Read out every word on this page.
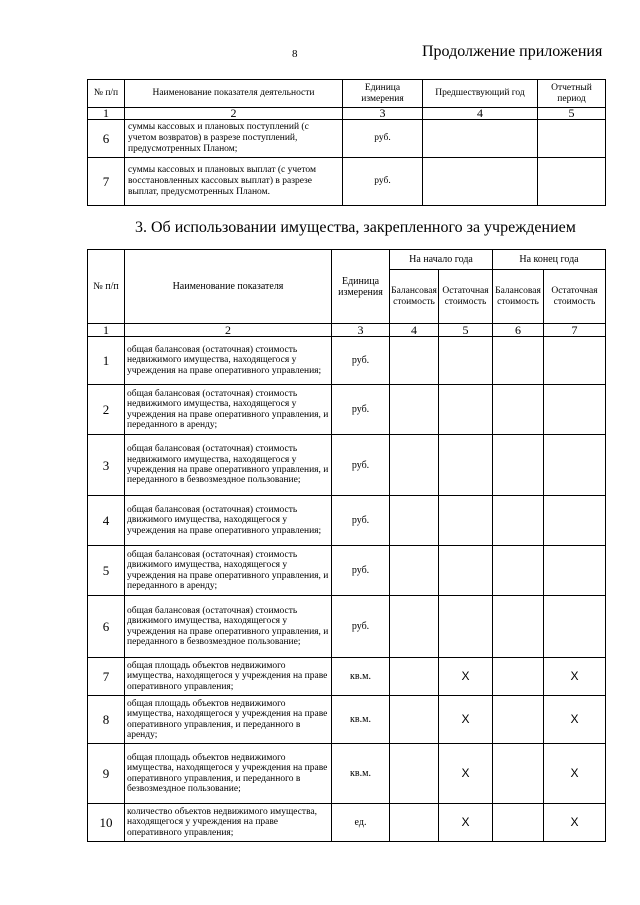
8	Продолжение приложения
№ п/п	Наименование показателя деятельности	Единица измерения	Предшествующий год	Отчетный период
1	2	3	4	5
6	суммы кассовых и плановых поступлений (с учетом возвратов) в разрезе поступлений, предусмотренных Планом;	руб.		
7	суммы кассовых и плановых выплат (с учетом восстановленных кассовых выплат) в разрезе выплат, предусмотренных Планом.	руб.		
3. Об использовании имущества, закрепленного за учреждением
№ п/п	Наименование показателя	Единица измерения	На начало года		На конец года	
			Балансовая стоимость	Остаточная стоимость	Балансовая стоимость	Остаточная стоимость
1	2	3	4	5	6	7
1	общая балансовая (остаточная) стоимость недвижимого имущества, находящегося у учреждения на праве оперативного управления;	руб.				
2	общая балансовая (остаточная) стоимость недвижимого имущества, находящегося у учреждения на праве оперативного управления, и переданного в аренду;	руб.				
3	общая балансовая (остаточная) стоимость недвижимого имущества, находящегося у учреждения на праве оперативного управления, и переданного в безвозмездное пользование;	руб.				
4	общая балансовая (остаточная) стоимость движимого имущества, находящегося у учреждения на праве оперативного управления;	руб.				
5	общая балансовая (остаточная) стоимость движимого имущества, находящегося у учреждения на праве оперативного управления, и переданного в аренду;	руб.				
6	общая балансовая (остаточная) стоимость движимого имущества, находящегося у учреждения на праве оперативного управления, и переданного в безвозмездное пользование;	руб.				
7	общая площадь объектов недвижимого имущества, находящегося у учреждения на праве оперативного управления;	кв.м.		X		X
8	общая площадь объектов недвижимого имущества, находящегося у учреждения на праве оперативного управления, и переданного в аренду;	кв.м.		X		X
9	общая площадь объектов недвижимого имущества, находящегося у учреждения на праве оперативного управления, и переданного в безвозмездное пользование;	кв.м.		X		X
10	количество объектов недвижимого имущества, находящегося у учреждения на праве оперативного управления;	ед.		X		X
